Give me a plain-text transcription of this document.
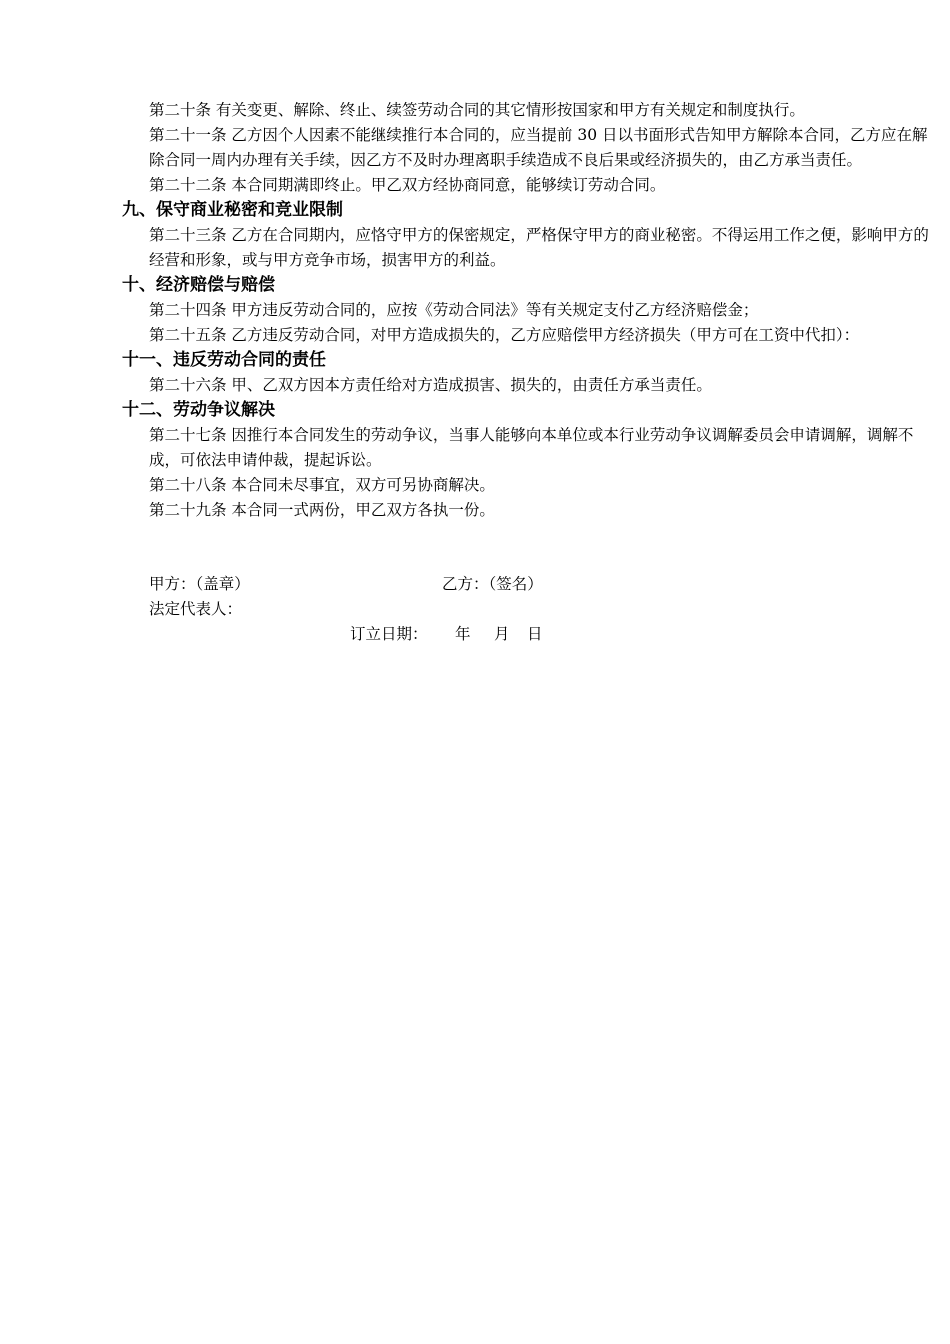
第二十条 有关变更、解除、终止、续签劳动合同的其它情形按国家和甲方有关规定和制度执行。

第二十一条 乙方因个人因素不能继续推行本合同的，应当提前 30 日以书面形式告知甲方解除本合同，乙方应在解除合同一周内办理有关手续，因乙方不及时办理离职手续造成不良后果或经济损失的，由乙方承当责任。

第二十二条 本合同期满即终止。甲乙双方经协商同意，能够续订劳动合同。

九、保守商业秘密和竞业限制

第二十三条 乙方在合同期内，应恪守甲方的保密规定，严格保守甲方的商业秘密。不得运用工作之便，影响甲方的经营和形象，或与甲方竞争市场，损害甲方的利益。

十、经济赔偿与赔偿

第二十四条 甲方违反劳动合同的，应按《劳动合同法》等有关规定支付乙方经济赔偿金；

第二十五条 乙方违反劳动合同，对甲方造成损失的，乙方应赔偿甲方经济损失（甲方可在工资中代扣）：

十一、违反劳动合同的责任

第二十六条 甲、乙双方因本方责任给对方造成损害、损失的，由责任方承当责任。

十二、劳动争议解决

第二十七条 因推行本合同发生的劳动争议，当事人能够向本单位或本行业劳动争议调解委员会申请调解，调解不成，可依法申请仲裁，提起诉讼。

第二十八条 本合同未尽事宜，双方可另协商解决。

第二十九条 本合同一式两份，甲乙双方各执一份。

甲方：（盖章）	乙方：（签名）
法定代表人：
订立日期： 年 月 日
